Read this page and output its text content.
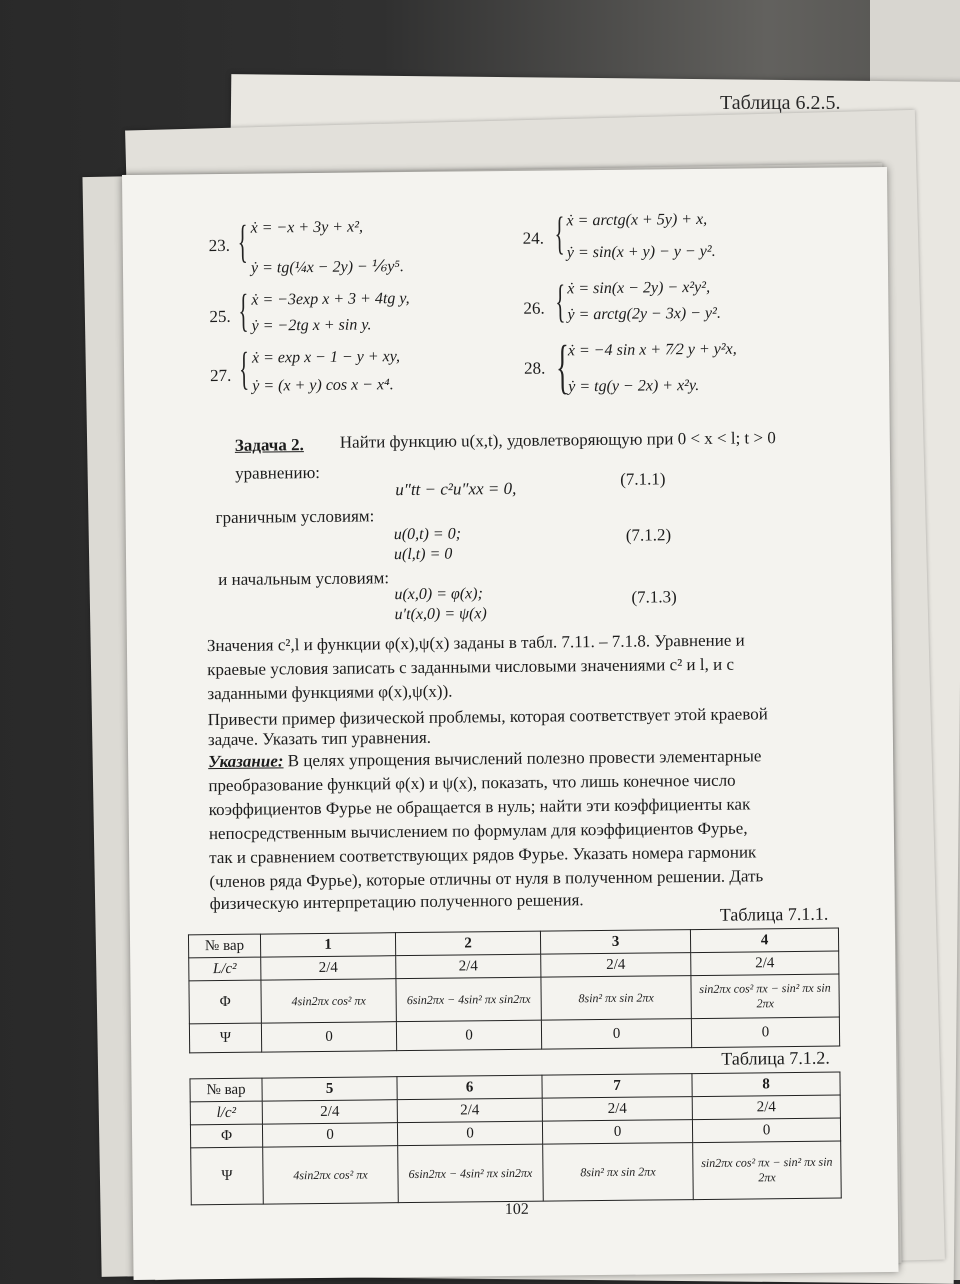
Таблица 6.2.5.
23. { ẋ = −x + 3y + x²,
ẏ = tg(¼x − 2y) − ⅙y⁵.
24. { ẋ = arctg(x + 5y) + x,
ẏ = sin(x + y) − y − y².
25. { ẋ = −3exp x + 3 + 4tg y,
ẏ = −2tg x + sin y.
26. { ẋ = sin(x − 2y) − x²y²,
ẏ = arctg(2y − 3x) − y².
27. { ẋ = exp x − 1 − y + xy,
ẏ = (x + y) cos x − x⁴.
28. {
ẋ = −4 sin x + 7⁄2 y + y²x,
ẏ = tg(y − 2x) + x²y.
Задача 2. Найти функцию u(x,t), удовлетворяющую при 0 < x < l; t > 0
уравнению:
u″tt − c²u″xx = 0,	(7.1.1)
граничным условиям:
u(0,t) = 0;
u(l,t) = 0
(7.1.2)
и начальным условиям:
u(x,0) = φ(x);
u′t(x,0) = ψ(x)
(7.1.3)
Значения c²,l и функции φ(x),ψ(x) заданы в табл. 7.11. – 7.1.8. Уравнение и
краевые условия записать с заданными числовыми значениями c² и l, и с
заданными функциями φ(x),ψ(x)).
Привести пример физической проблемы, которая соответствует этой краевой
задаче. Указать тип уравнения.
Указание: В целях упрощения вычислений полезно провести элементарные
преобразование функций φ(x) и ψ(x), показать, что лишь конечное число
коэффициентов Фурье не обращается в нуль; найти эти коэффициенты как
непосредственным вычислением по формулам для коэффициентов Фурье,
так и сравнением соответствующих рядов Фурье. Указать номера гармоник
(членов ряда Фурье), которые отличны от нуля в полученном решении. Дать
физическую интерпретацию полученного решения.
Таблица 7.1.1.
№ вар	1	2	3	4
L/c²	2/4	2/4	2/4	2/4
Φ	4sin2πx cos² πx	6sin2πx − 4sin² πx sin2πx	8sin² πx sin 2πx	sin2πx cos² πx − sin² πx sin 2πx
Ψ	0	0	0	0
Таблица 7.1.2.
№ вар	5	6	7	8
l/c²	2/4	2/4	2/4	2/4
Φ	0	0	0	0
Ψ	4sin2πx cos² πx	6sin2πx − 4sin² πx sin2πx	8sin² πx sin 2πx	sin2πx cos² πx − sin² πx sin 2πx
102
